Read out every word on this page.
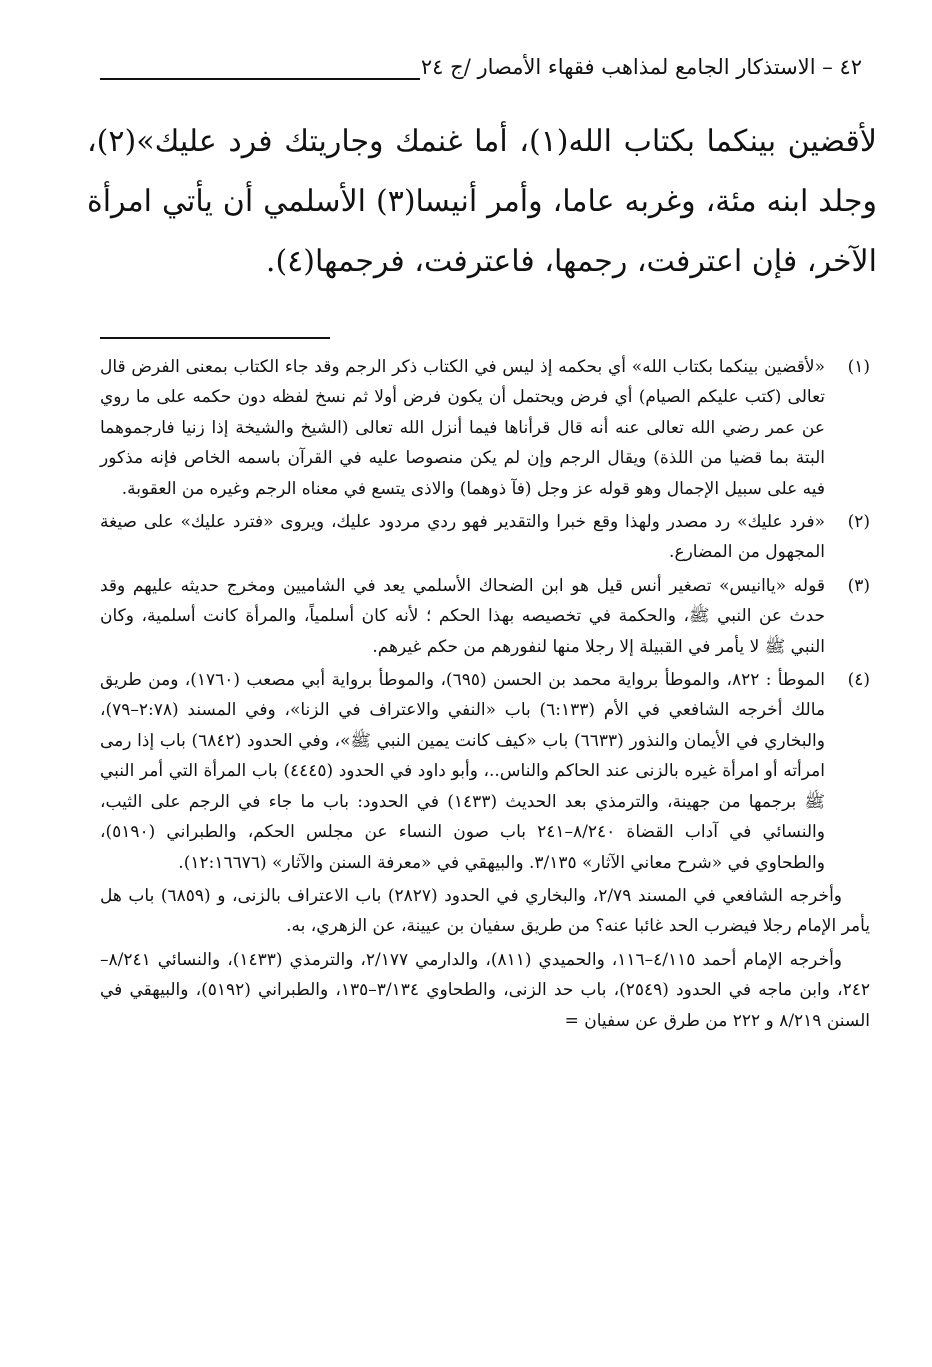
٤٢ – الاستذكار الجامع لمذاهب فقهاء الأمصار /ج ٢٤

لأقضين بينكما بكتاب الله(١)، أما غنمك وجاريتك فرد عليك»(٢)، وجلد ابنه مئة، وغربه عاما، وأمر أنيسا(٣) الأسلمي أن يأتي امرأة الآخر، فإن اعترفت، رجمها، فاعترفت، فرجمها(٤).

(١)
«لأقضين بينكما بكتاب الله» أي بحكمه إذ ليس في الكتاب ذكر الرجم وقد جاء الكتاب بمعنى الفرض قال تعالى (كتب عليكم الصيام) أي فرض ويحتمل أن يكون فرض أولا ثم نسخ لفظه دون حكمه على ما روي عن عمر رضي الله تعالى عنه أنه قال قرأناها فيما أنزل الله تعالى (الشيخ والشيخة إذا زنيا فارجموهما البتة بما قضيا من اللذة) ويقال الرجم وإن لم يكن منصوصا عليه في القرآن باسمه الخاص فإنه مذكور فيه على سبيل الإجمال وهو قوله عز وجل (فآ ذوهما) والاذى يتسع في معناه الرجم وغيره من العقوبة.
(٢)
«فرد عليك» رد مصدر ولهذا وقع خبرا والتقدير فهو ردي مردود عليك، ويروى «فترد عليك» على صيغة المجهول من المضارع.
(٣)
قوله «ياانيس» تصغير أنس قيل هو ابن الضحاك الأسلمي يعد في الشاميين ومخرج حديثه عليهم وقد حدث عن النبي ﷺ، والحكمة في تخصيصه بهذا الحكم ؛ لأنه كان أسلمياً، والمرأة كانت أسلمية، وكان النبي ﷺ لا يأمر في القبيلة إلا رجلا منها لنفورهم من حكم غيرهم.
(٤)
الموطأ : ٨٢٢، والموطأ برواية محمد بن الحسن (٦٩٥)، والموطأ برواية أبي مصعب (١٧٦٠)، ومن طريق مالك أخرجه الشافعي في الأم (٦:١٣٣) باب «النفي والاعتراف في الزنا»، وفي المسند (٢:٧٨–٧٩)، والبخاري في الأيمان والنذور (٦٦٣٣) باب «كيف كانت يمين النبي ﷺ»، وفي الحدود (٦٨٤٢) باب إذا رمى امرأته أو امرأة غيره بالزنى عند الحاكم والناس..، وأبو داود في الحدود (٤٤٤٥) باب المرأة التي أمر النبي ﷺ برجمها من جهينة، والترمذي بعد الحديث (١٤٣٣) في الحدود: باب ما جاء في الرجم على الثيب، والنسائي في آداب القضاة ٨/٢٤٠–٢٤١ باب صون النساء عن مجلس الحكم، والطبراني (٥١٩٠)، والطحاوي في «شرح معاني الآثار» ٣/١٣٥. والبيهقي في «معرفة السنن والآثار» (١٢:١٦٦٧٦).

وأخرجه الشافعي في المسند ٢/٧٩، والبخاري في الحدود (٢٨٢٧) باب الاعتراف بالزنى، و (٦٨٥٩) باب هل يأمر الإمام رجلا فيضرب الحد غائبا عنه؟ من طريق سفيان بن عيينة، عن الزهري، به.

وأخرجه الإمام أحمد ٤/١١٥–١١٦، والحميدي (٨١١)، والدارمي ٢/١٧٧، والترمذي (١٤٣٣)، والنسائي ٨/٢٤١–٢٤٢، وابن ماجه في الحدود (٢٥٤٩)، باب حد الزنى، والطحاوي ٣/١٣٤–١٣٥، والطبراني (٥١٩٢)، والبيهقي في السنن ٨/٢١٩ و ٢٢٢ من طرق عن سفيان =
